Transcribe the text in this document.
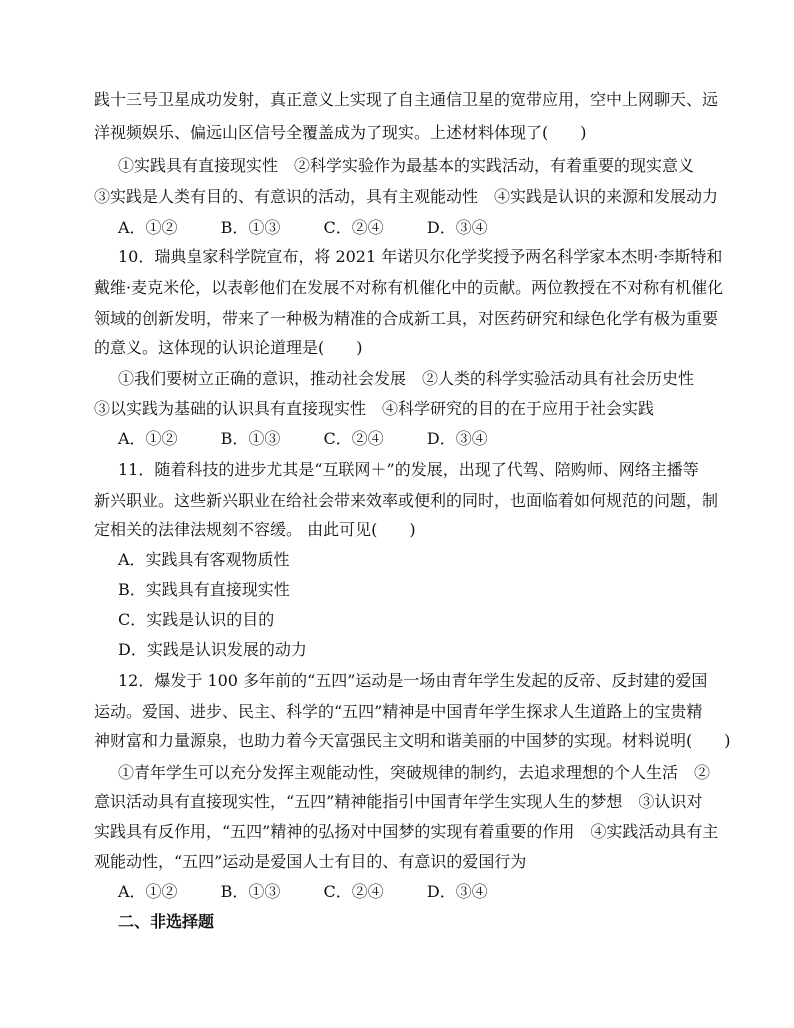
践十三号卫星成功发射，真正意义上实现了自主通信卫星的宽带应用，空中上网聊天、远
洋视频娱乐、偏远山区信号全覆盖成为了现实。上述材料体现了(　　)
①实践具有直接现实性　②科学实验作为最基本的实践活动，有着重要的现实意义
③实践是人类有目的、有意识的活动，具有主观能动性　④实践是认识的来源和发展动力
A．①②	B．①③	C．②④	D．③④
10．瑞典皇家科学院宣布，将 2021 年诺贝尔化学奖授予两名科学家本杰明·李斯特和
戴维·麦克米伦，以表彰他们在发展不对称有机催化中的贡献。两位教授在不对称有机催化
领域的创新发明，带来了一种极为精准的合成新工具，对医药研究和绿色化学有极为重要
的意义。这体现的认识论道理是(　　)
①我们要树立正确的意识，推动社会发展　②人类的科学实验活动具有社会历史性
③以实践为基础的认识具有直接现实性　④科学研究的目的在于应用于社会实践
A．①②	B．①③	C．②④	D．③④
11．随着科技的进步尤其是“互联网＋”的发展，出现了代驾、陪购师、网络主播等
新兴职业。这些新兴职业在给社会带来效率或便利的同时，也面临着如何规范的问题，制
定相关的法律法规刻不容缓。 由此可见(　　)
A．实践具有客观物质性
B．实践具有直接现实性
C．实践是认识的目的
D．实践是认识发展的动力
12．爆发于 100 多年前的“五四”运动是一场由青年学生发起的反帝、反封建的爱国
运动。爱国、进步、民主、科学的“五四”精神是中国青年学生探求人生道路上的宝贵精
神财富和力量源泉，也助力着今天富强民主文明和谐美丽的中国梦的实现。材料说明(　　)
①青年学生可以充分发挥主观能动性，突破规律的制约，去追求理想的个人生活　②
意识活动具有直接现实性，“五四”精神能指引中国青年学生实现人生的梦想　③认识对
实践具有反作用，“五四”精神的弘扬对中国梦的实现有着重要的作用　④实践活动具有主
观能动性，“五四”运动是爱国人士有目的、有意识的爱国行为
A．①②	B．①③	C．②④	D．③④
二、非选择题
